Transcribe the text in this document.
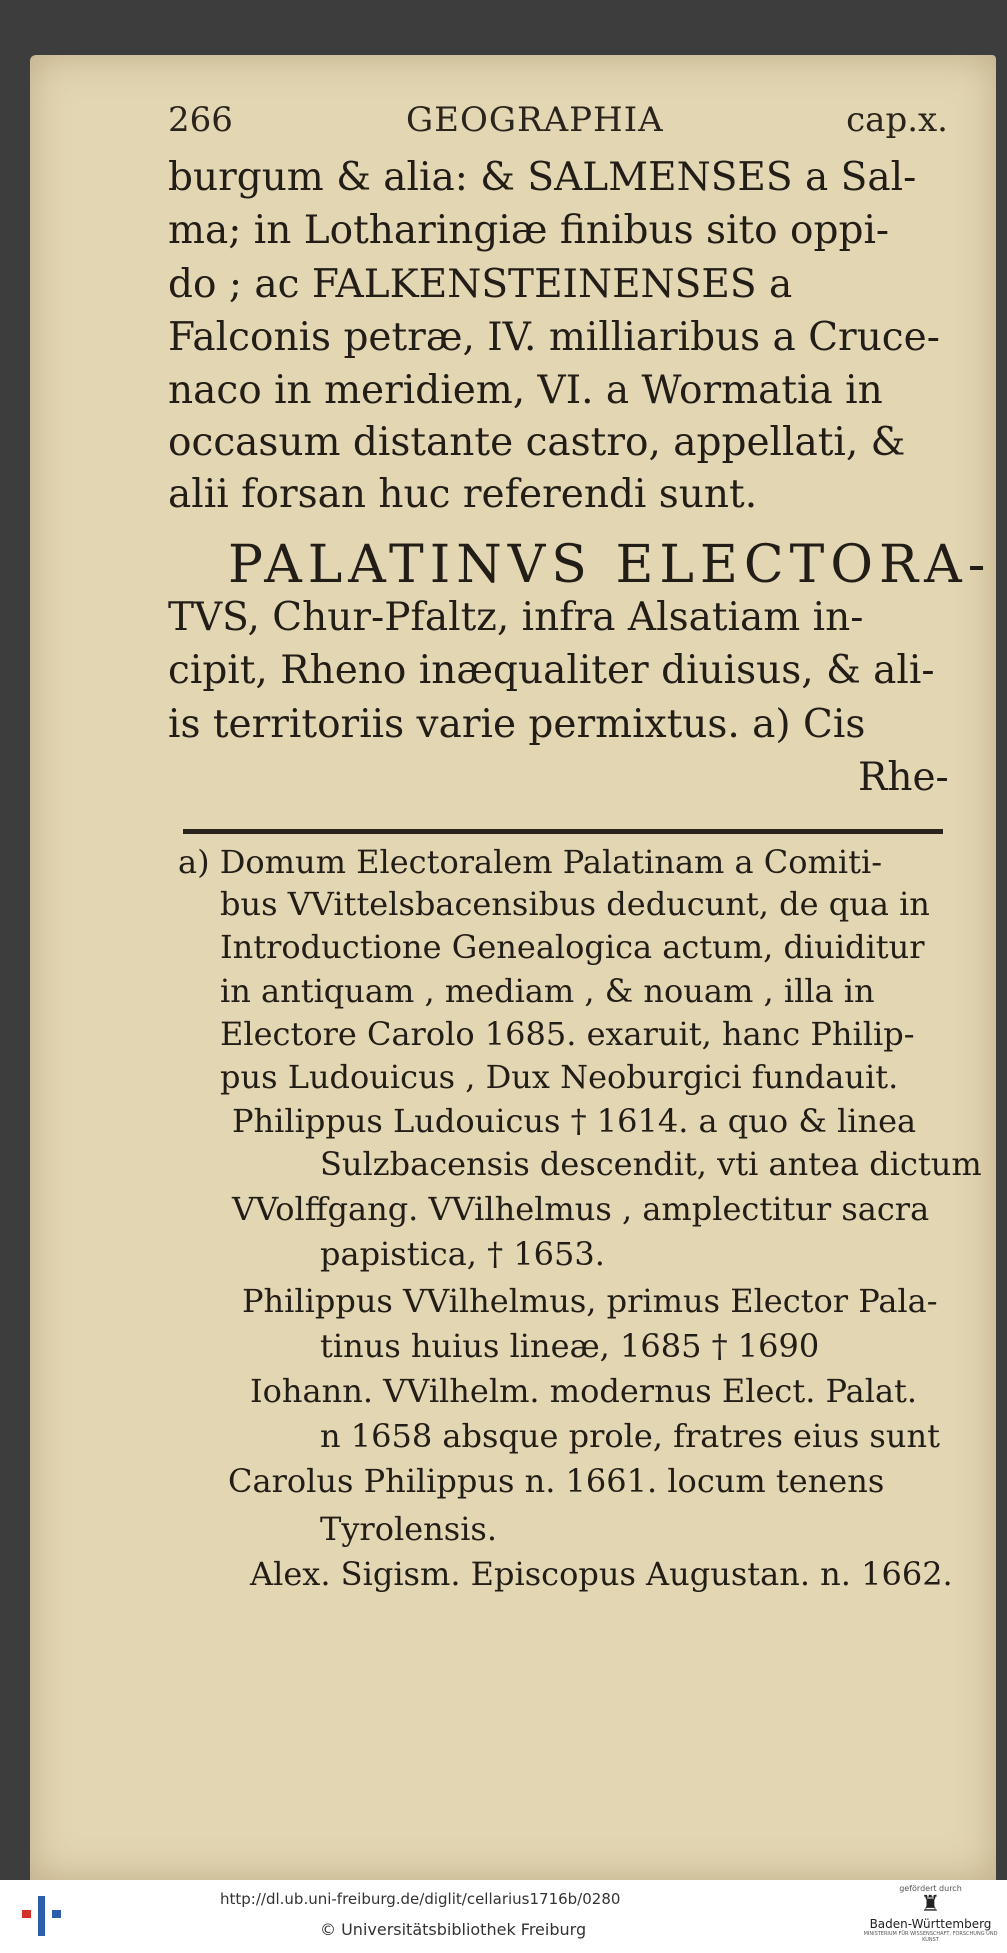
266	GEOGRAPHIA	cap.x.
burgum & alia: & SALMENSES a Sal-
ma; in Lotharingiæ finibus sito oppi-
do ; ac FALKENSTEINENSES a
Falconis petræ, IV. milliaribus a Cruce-
naco in meridiem, VI. a Wormatia in
occasum distante castro, appellati, &
alii forsan huc referendi sunt.
PALATINVS ELECTORA-
TVS, Chur-Pfaltz, infra Alsatiam in-
cipit, Rheno inæqualiter diuisus, & ali-
is territoriis varie permixtus. a) Cis
Rhe-
a) Domum Electoralem Palatinam a Comiti-
bus VVittelsbacensibus deducunt, de qua in
Introductione Genealogica actum, diuiditur
in antiquam , mediam , & nouam , illa in
Electore Carolo 1685. exaruit, hanc Philip-
pus Ludouicus , Dux Neoburgici fundauit.
Philippus Ludouicus † 1614. a quo & linea
Sulzbacensis descendit, vti antea dictum
VVolffgang. VVilhelmus , amplectitur sacra
papistica, † 1653.
Philippus VVilhelmus, primus Elector Pala-
tinus huius lineæ, 1685 † 1690
Iohann. VVilhelm. modernus Elect. Palat.
n 1658 absque prole, fratres eius sunt
Carolus Philippus n. 1661. locum tenens
Tyrolensis.
Alex. Sigism. Episcopus Augustan. n. 1662.
http://dl.ub.uni-freiburg.de/diglit/cellarius1716b/0280
© Universitätsbibliothek Freiburg
gefördert durch
♜
Baden-Württemberg
MINISTERIUM FÜR WISSENSCHAFT, FORSCHUNG UND KUNST
